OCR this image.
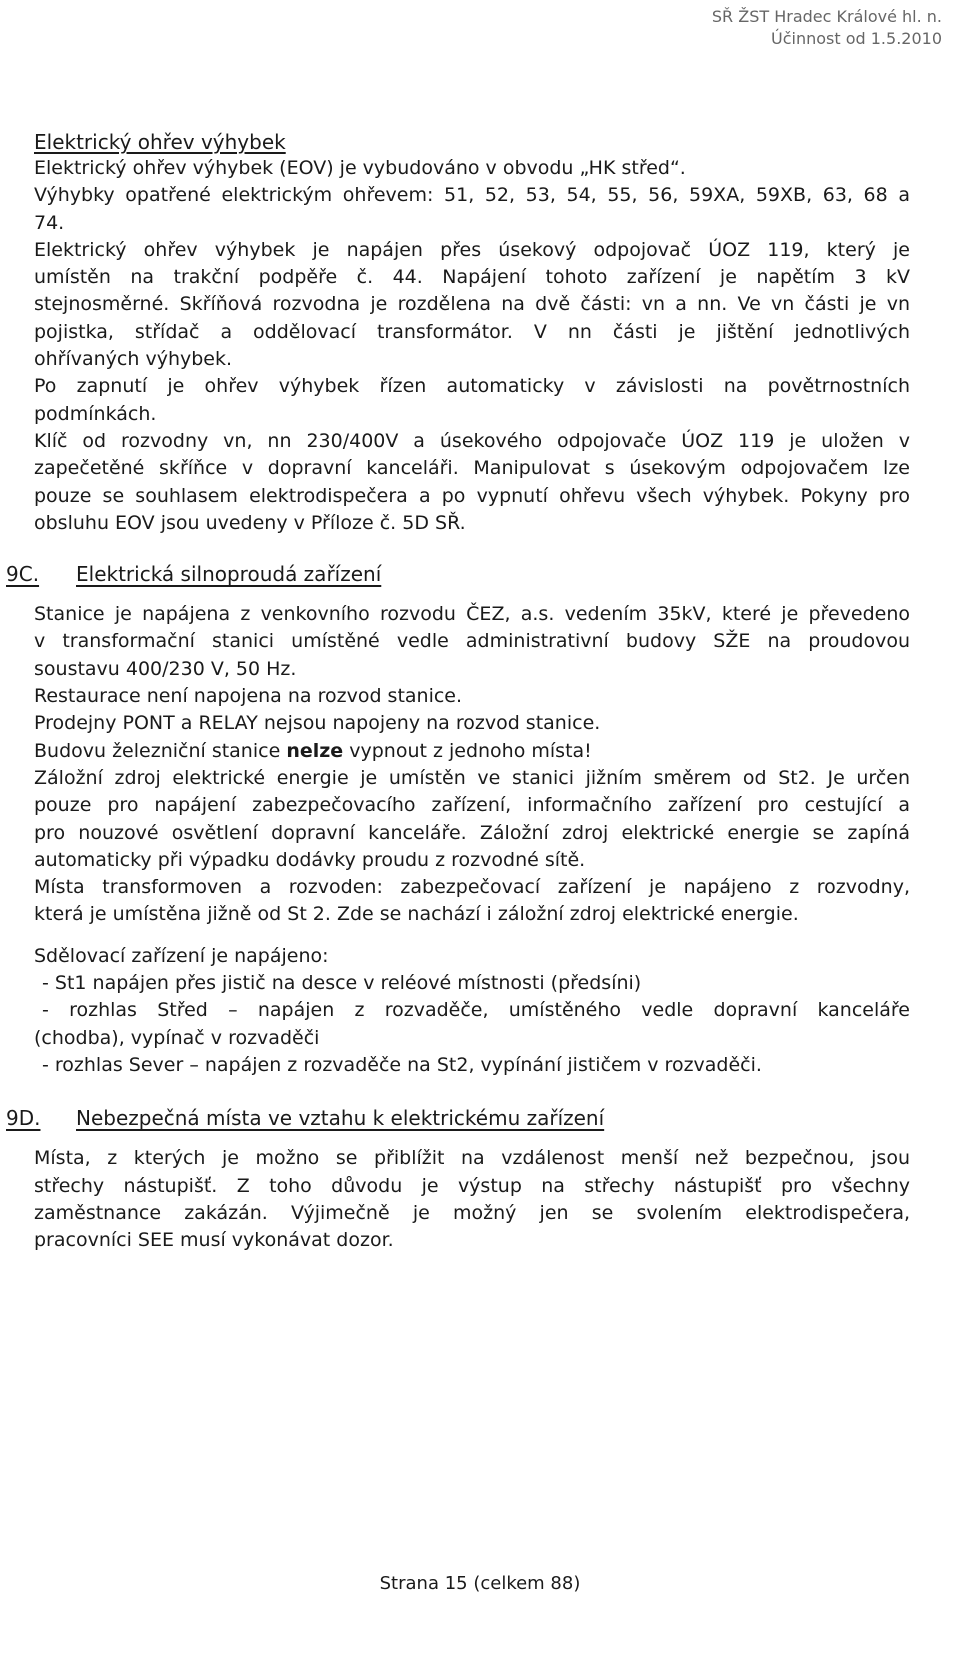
SŘ ŽST Hradec Králové hl. n.
Účinnost od 1.5.2010
Elektrický ohřev výhybek

Elektrický ohřev výhybek (EOV) je vybudováno v obvodu „HK střed“.
Výhybky opatřené elektrickým ohřevem: 51, 52, 53, 54, 55, 56, 59XA, 59XB, 63, 68 a
74.
Elektrický ohřev výhybek je napájen přes úsekový odpojovač ÚOZ 119, který je
umístěn na trakční podpěře č. 44. Napájení tohoto zařízení je napětím 3 kV
stejnosměrné. Skříňová rozvodna je rozdělena na dvě části: vn a nn. Ve vn části je vn
pojistka, střídač a oddělovací transformátor. V nn části je jištění jednotlivých
ohřívaných výhybek.
Po zapnutí je ohřev výhybek řízen automaticky v závislosti na povětrnostních
podmínkách.
Klíč od rozvodny vn, nn 230/400V a úsekového odpojovače ÚOZ 119 je uložen v
zapečetěné skříňce v dopravní kanceláři. Manipulovat s úsekovým odpojovačem lze
pouze se souhlasem elektrodispečera a po vypnutí ohřevu všech výhybek. Pokyny pro
obsluhu EOV jsou uvedeny v Příloze č. 5D SŘ.

9C. Elektrická silnoproudá zařízení

Stanice je napájena z venkovního rozvodu ČEZ, a.s. vedením 35kV, které je převedeno
v transformační stanici umístěné vedle administrativní budovy SŽE na proudovou
soustavu 400/230 V, 50 Hz.
Restaurace není napojena na rozvod stanice.
Prodejny PONT a RELAY nejsou napojeny na rozvod stanice.
Budovu železniční stanice nelze vypnout z jednoho místa!
Záložní zdroj elektrické energie je umístěn ve stanici jižním směrem od St2. Je určen
pouze pro napájení zabezpečovacího zařízení, informačního zařízení pro cestující a
pro nouzové osvětlení dopravní kanceláře. Záložní zdroj elektrické energie se zapíná
automaticky při výpadku dodávky proudu z rozvodné sítě.
Místa transformoven a rozvoden: zabezpečovací zařízení je napájeno z rozvodny,
která je umístěna jižně od St 2. Zde se nachází i záložní zdroj elektrické energie.

Sdělovací zařízení je napájeno:
- St1 napájen přes jistič na desce v reléové místnosti (předsíni)
- rozhlas Střed – napájen z rozvaděče, umístěného vedle dopravní kanceláře
(chodba), vypínač v rozvaděči
- rozhlas Sever – napájen z rozvaděče na St2, vypínání jističem v rozvaděči.

9D. Nebezpečná místa ve vztahu k elektrickému zařízení

Místa, z kterých je možno se přiblížit na vzdálenost menší než bezpečnou, jsou
střechy nástupišť. Z toho důvodu je výstup na střechy nástupišť pro všechny
zaměstnance zakázán. Výjimečně je možný jen se svolením elektrodispečera,
pracovníci SEE musí vykonávat dozor.

Strana 15 (celkem 88)
